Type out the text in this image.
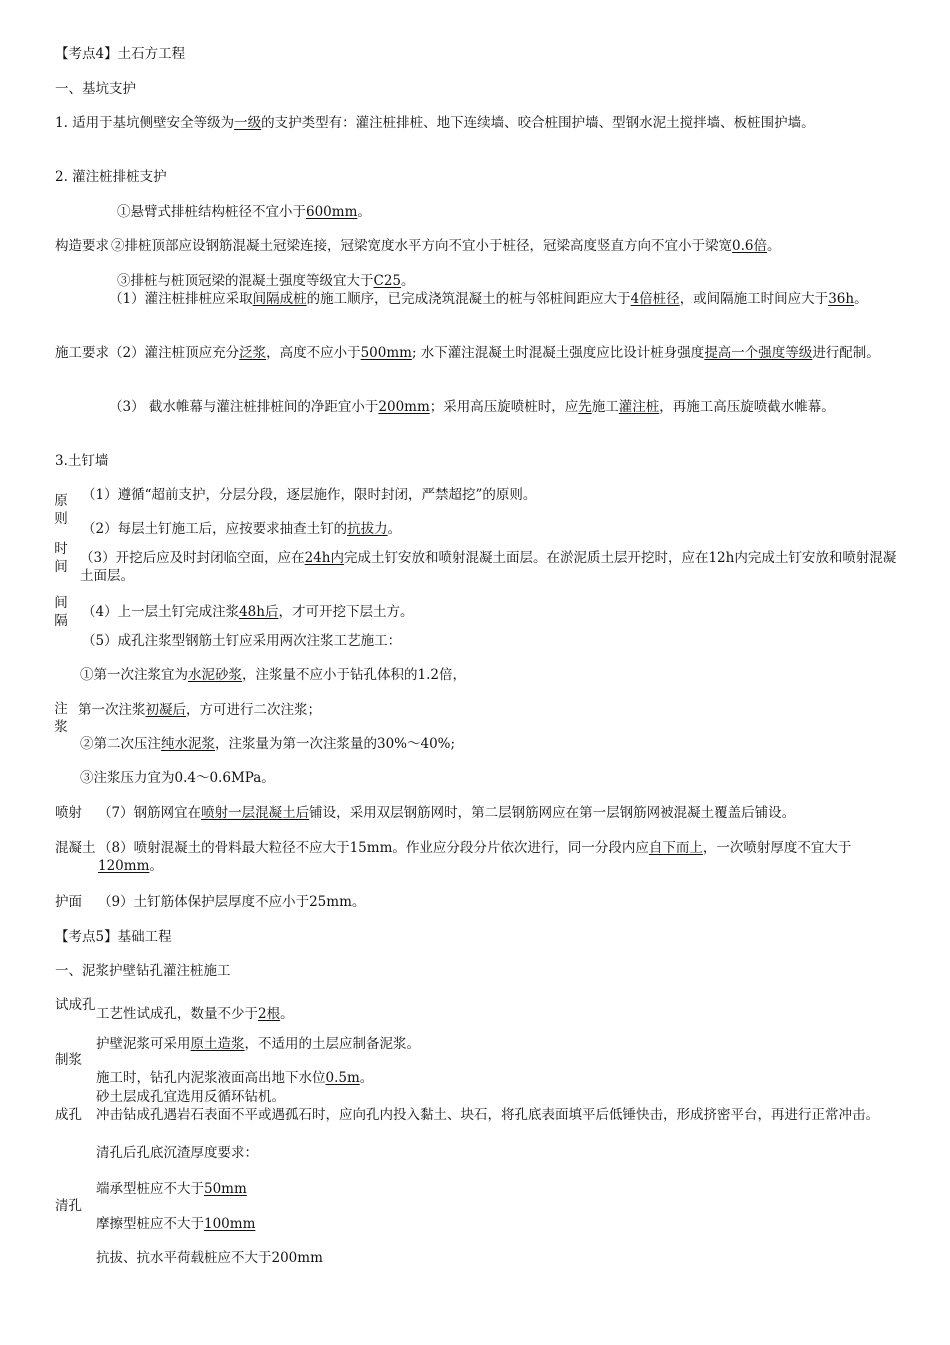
【考点4】土石方工程
一、基坑支护
1. 适用于基坑侧壁安全等级为一级的支护类型有：灌注桩排桩、地下连续墙、咬合桩围护墙、型钢水泥土搅拌墙、板桩围护墙。
2. 灌注桩排桩支护
①悬臂式排桩结构桩径不宜小于600mm。
构造要求 ②排桩顶部应设钢筋混凝土冠梁连接，冠梁宽度水平方向不宜小于桩径，冠梁高度竖直方向不宜小于梁宽0.6倍。
③排桩与桩顶冠梁的混凝土强度等级宜大于C25。
（1）灌注桩排桩应采取间隔成桩的施工顺序，已完成浇筑混凝土的桩与邻桩间距应大于4倍桩径，或间隔施工时间应大于36h。
施工要求 （2）灌注桩顶应充分泛浆，高度不应小于500mm; 水下灌注混凝土时混凝土强度应比设计桩身强度提高一个强度等级进行配制。
（3） 截水帷幕与灌注桩排桩间的净距宜小于200mm；采用高压旋喷桩时，应先施工灌注桩，再施工高压旋喷截水帷幕。
3.土钉墙
原则
时间
间隔
（1）遵循“超前支护，分层分段，逐层施作，限时封闭，严禁超挖”的原则。
（2）每层土钉施工后，应按要求抽查土钉的抗拔力。
（3）开挖后应及时封闭临空面，应在24h内完成土钉安放和喷射混凝土面层。在淤泥质土层开挖时，应在12h内完成土钉安放和喷射混凝土面层。
（4）上一层土钉完成注浆48h后，才可开挖下层土方。
（5）成孔注浆型钢筋土钉应采用两次注浆工艺施工：
①第一次注浆宜为水泥砂浆，注浆量不应小于钻孔体积的1.2倍，
注浆
第一次注浆初凝后，方可进行二次注浆；
②第二次压注纯水泥浆，注浆量为第一次注浆量的30%～40%;
③注浆压力宜为0.4～0.6MPa。
喷射 （7）钢筋网宜在喷射一层混凝土后铺设，采用双层钢筋网时，第二层钢筋网应在第一层钢筋网被混凝土覆盖后铺设。
混凝土 （8）喷射混凝土的骨料最大粒径不应大于15mm。作业应分段分片依次进行，同一分段内应自下而上，一次喷射厚度不宜大于120mm。
护面 （9）土钉筋体保护层厚度不应小于25mm。
【考点5】基础工程
一、泥浆护壁钻孔灌注桩施工
试成孔
工艺性试成孔，数量不少于2根。
护壁泥浆可采用原土造浆，不适用的土层应制备泥浆。
制浆
施工时，钻孔内泥浆液面高出地下水位0.5m。
砂土层成孔宜选用反循环钻机。
成孔 冲击钻成孔遇岩石表面不平或遇孤石时，应向孔内投入黏土、块石，将孔底表面填平后低锤快击，形成挤密平台，再进行正常冲击。
清孔后孔底沉渣厚度要求：
端承型桩应不大于50mm
清孔
摩擦型桩应不大于100mm
抗拔、抗水平荷载桩应不大于200mm
